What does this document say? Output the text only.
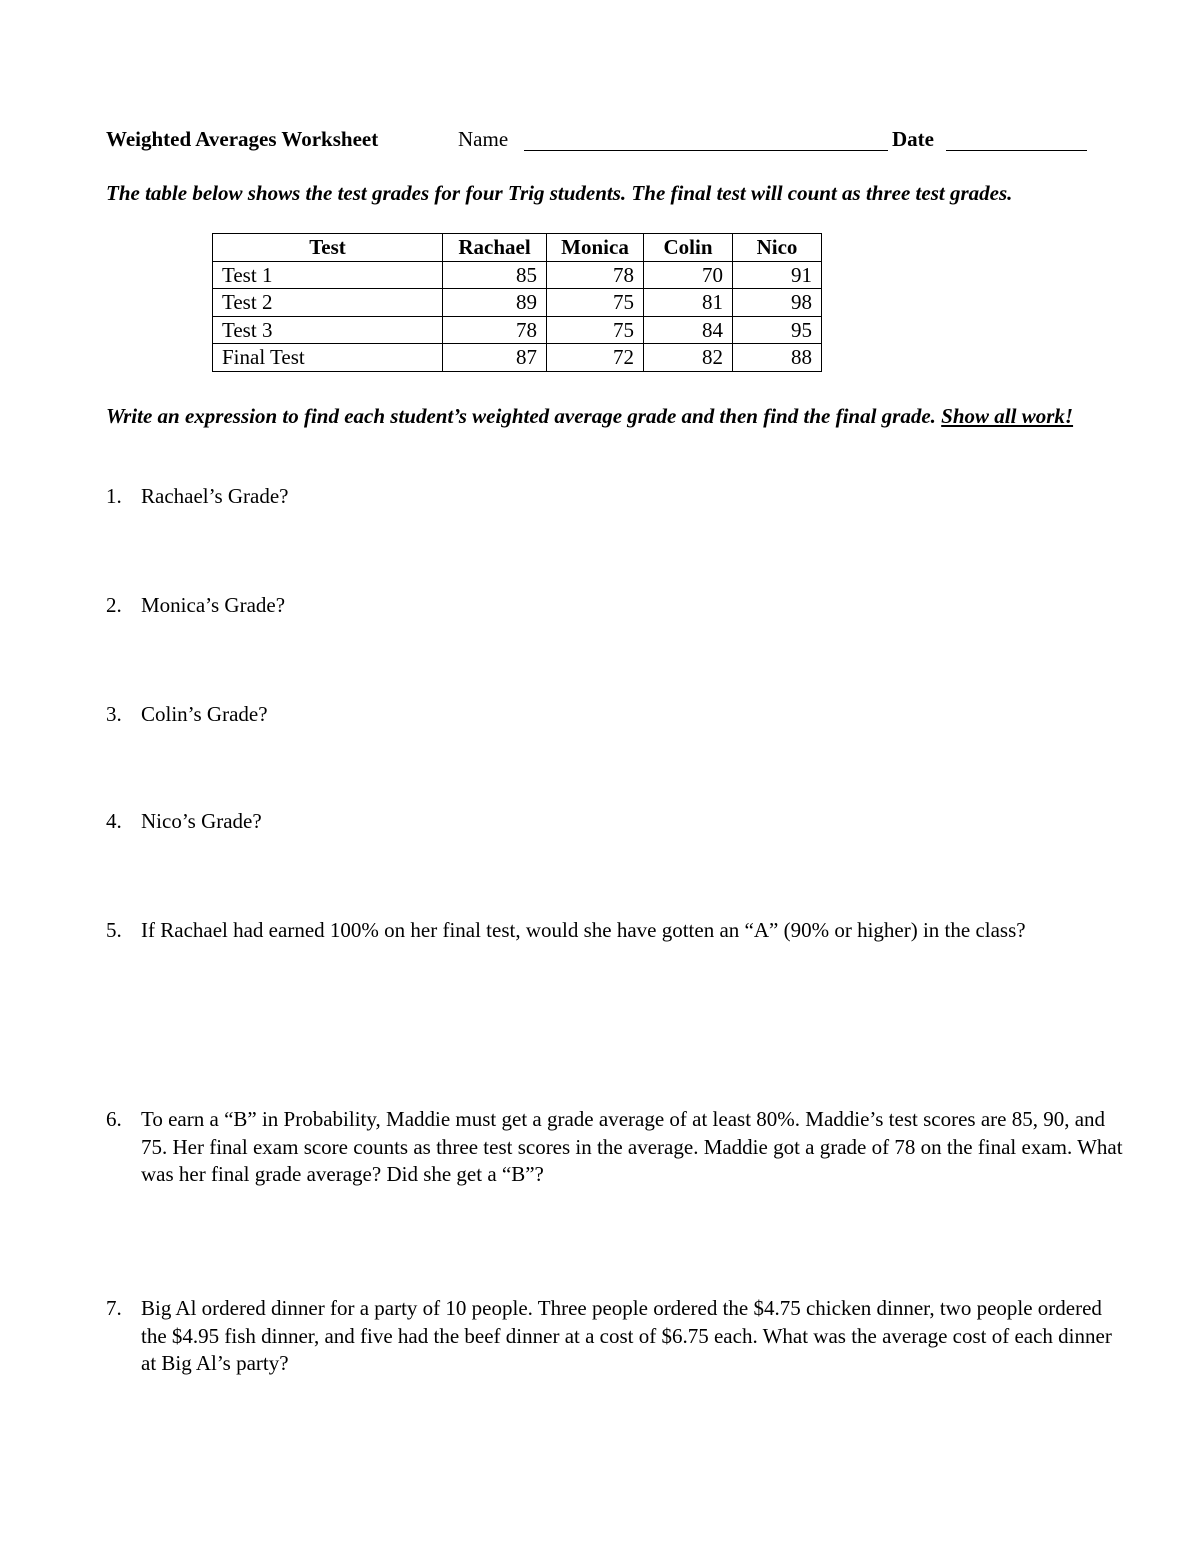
Weighted Averages Worksheet	Name	Date
The table below shows the test grades for four Trig students. The final test will count as three test grades.
Test	Rachael	Monica	Colin	Nico
Test 1	85	78	70	91
Test 2	89	75	81	98
Test 3	78	75	84	95
Final Test	87	72	82	88
Write an expression to find each student’s weighted average grade and then find the final grade. Show all work!
1. Rachael’s Grade?
2. Monica’s Grade?
3. Colin’s Grade?
4. Nico’s Grade?
5. If Rachael had earned 100% on her final test, would she have gotten an “A” (90% or higher) in the class?
6. To earn a “B” in Probability, Maddie must get a grade average of at least 80%. Maddie’s test scores are 85, 90, and 75. Her final exam score counts as three test scores in the average. Maddie got a grade of 78 on the final exam. What was her final grade average? Did she get a “B”?
7. Big Al ordered dinner for a party of 10 people. Three people ordered the $4.75 chicken dinner, two people ordered the $4.95 fish dinner, and five had the beef dinner at a cost of $6.75 each. What was the average cost of each dinner at Big Al’s party?
